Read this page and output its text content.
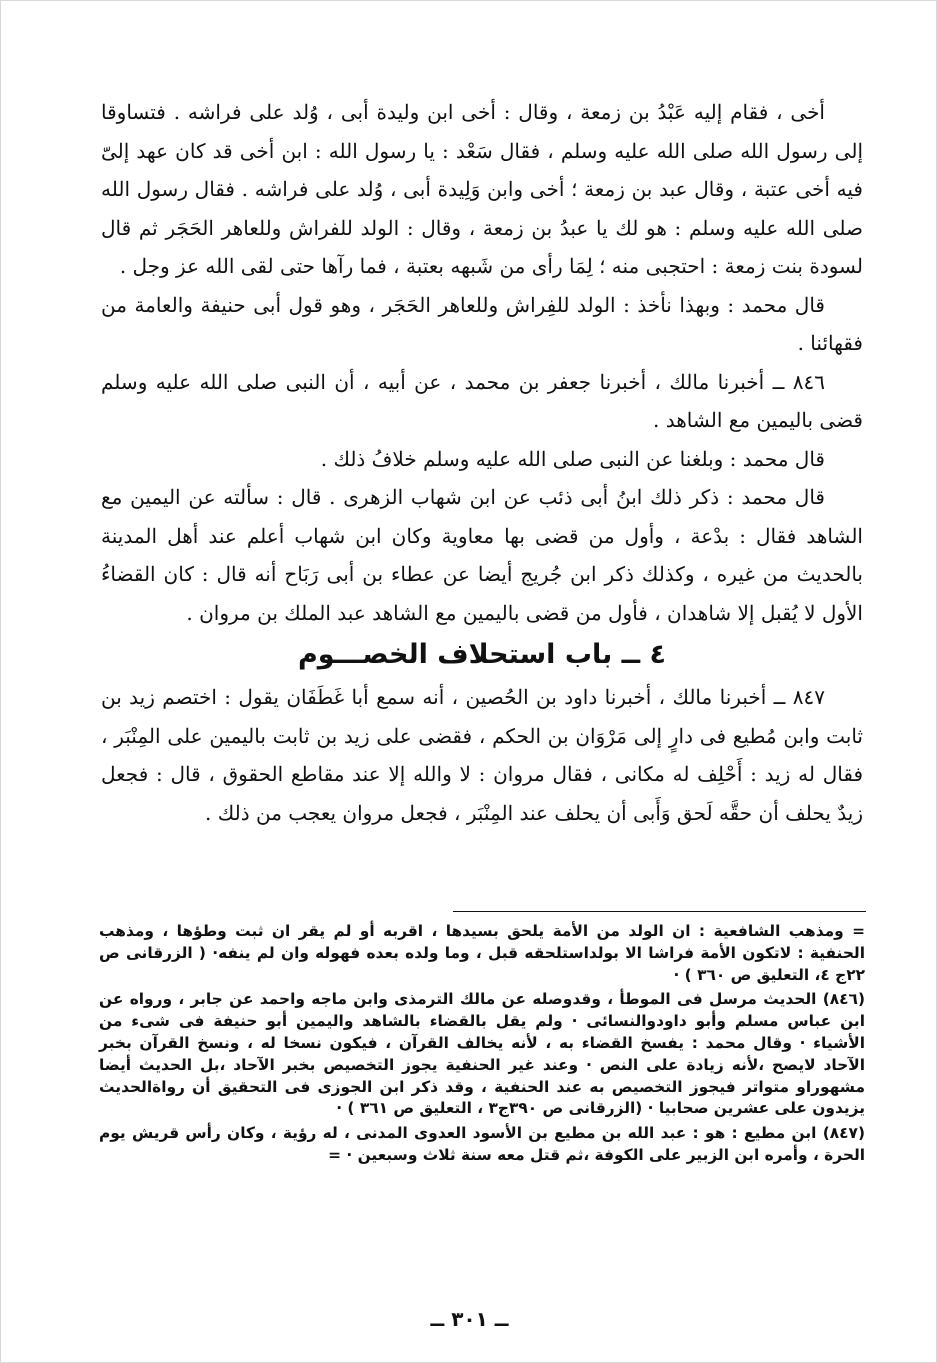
أخى ، فقام إليه عَبْدُ بن زمعة ، وقال : أخى ابن وليدة أبى ، وُلد على فراشه . فتساوقا إلى رسول الله صلى الله عليه وسلم ، فقال سَعْد : يا رسول الله : ابن أخى قد كان عهد إلىّ فيه أخى عتبة ، وقال عبد بن زمعة ؛ أخى وابن وَلِيدة أبى ، وُلد على فراشه . فقال رسول الله صلى الله عليه وسلم : هو لك يا عبدُ بن زمعة ، وقال : الولد للفراش وللعاهر الحَجَر ثم قال لسودة بنت زمعة : احتجبى منه ؛ لِمَا رأى من شَبهه بعتبة ، فما رآها حتى لقى الله عز وجل .

قال محمد : وبهذا نأخذ : الولد للفِراش وللعاهر الحَجَر ، وهو قول أبى حنيفة والعامة من فقهائنا .

٨٤٦ ــ أخبرنا مالك ، أخبرنا جعفر بن محمد ، عن أبيه ، أن النبى صلى الله عليه وسلم قضى باليمين مع الشاهد .

قال محمد : وبلغنا عن النبى صلى الله عليه وسلم خلافُ ذلك .

قال محمد : ذكر ذلك ابنُ أبى ذئب عن ابن شهاب الزهرى . قال : سألته عن اليمين مع الشاهد فقال : بدْعة ، وأول من قضى بها معاوية وكان ابن شهاب أعلم عند أهل المدينة بالحديث من غيره ، وكذلك ذكر ابن جُريج أيضا عن عطاء بن أبى رَبَاح أنه قال : كان القضاءُ الأول لا يُقبل إلا شاهدان ، فأول من قضى باليمين مع الشاهد عبد الملك بن مروان .

٤ ــ باب استحلاف الخصـــوم

٨٤٧ ــ أخبرنا مالك ، أخبرنا داود بن الحُصين ، أنه سمع أبا غَطَفَان يقول : اختصم زيد بن ثابت وابن مُطيع فى دارٍ إلى مَرْوَان بن الحكم ، فقضى على زيد بن ثابت باليمين على المِنْبَر ، فقال له زيد : أَحْلِف له مكانى ، فقال مروان : لا والله إلا عند مقاطع الحقوق ، قال : فجعل زيدٌ يحلف أن حقَّه لَحق وَأَبى أن يحلف عند المِنْبَر ، فجعل مروان يعجب من ذلك .

= ومذهب الشافعية : ان الولد من الأمة يلحق بسيدها ، اقربه أو لم يقر ان ثبت وطؤها ، ومذهب الحنفية : لاتكون الأمة فراشا الا بولداستلحقه قبل ، وما ولده بعده فهوله وان لم ينفه· ( الزرقانى ص ٢٢ج ٤، التعليق ص ٣٦٠ ) ·

(٨٤٦) الحديث مرسل فى الموطأ ، وقدوصله عن مالك الترمذى وابن ماجه واحمد عن جابر ، ورواه عن ابن عباس مسلم وأبو داودوالنسائى · ولم يقل بالقضاء بالشاهد واليمين أبو حنيفة فى شىء من الأشياء · وقال محمد : يفسخ القضاء به ، لأنه يخالف القرآن ، فيكون نسخا له ، ونسخ القرآن بخبر الآحاد لايصح ،لأنه زيادة على النص · وعند غير الحنفية يجوز التخصيص بخبر الآحاد ،بل الحديث أيضا مشهوراو متواتر فيجوز التخصيص به عند الحنفية ، وقد ذكر ابن الجوزى فى التحقيق أن رواةالحديث يزيدون على عشرين صحابيا · (الزرقانى ص ٣٩٠ج٣ ، التعليق ص ٣٦١ ) ·

(٨٤٧) ابن مطيع : هو : عبد الله بن مطيع بن الأسود العدوى المدنى ، له رؤية ، وكان رأس قريش يوم الحرة ، وأمره ابن الزبير على الكوفة ،ثم قتل معه سنة ثلاث وسبعين · =

ــ ٣٠١ ــ
